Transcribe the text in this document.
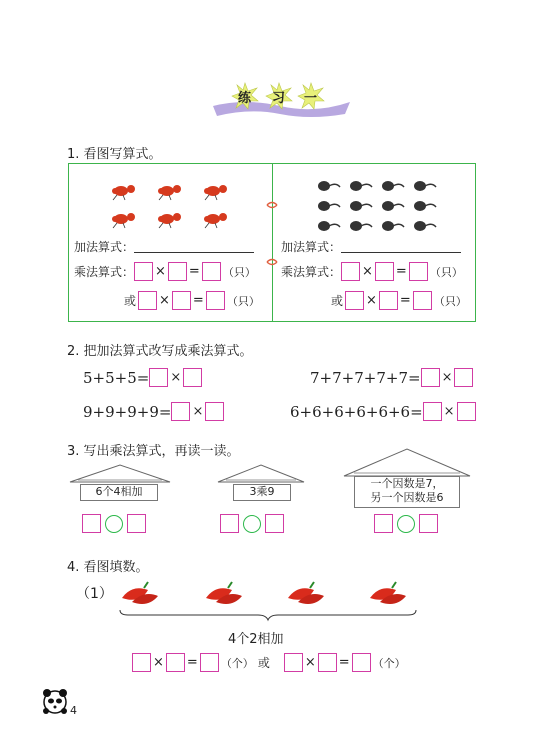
练 习 一
1. 看图写算式。
加法算式：
乘法算式： × = （只）
或 × = （只）
加法算式：
乘法算式： × = （只）
或 × = （只）
2. 把加法算式改写成乘法算式。
5+5+5= ×	7+7+7+7+7= ×
9+9+9+9= ×	6+6+6+6+6+6= ×
3. 写出乘法算式，再读一读。
6个4相加	3乘9
一个因数是7，
另一个因数是6
4. 看图填数。
（1）
4个2相加
× = （个） 或	× = （个）
4
